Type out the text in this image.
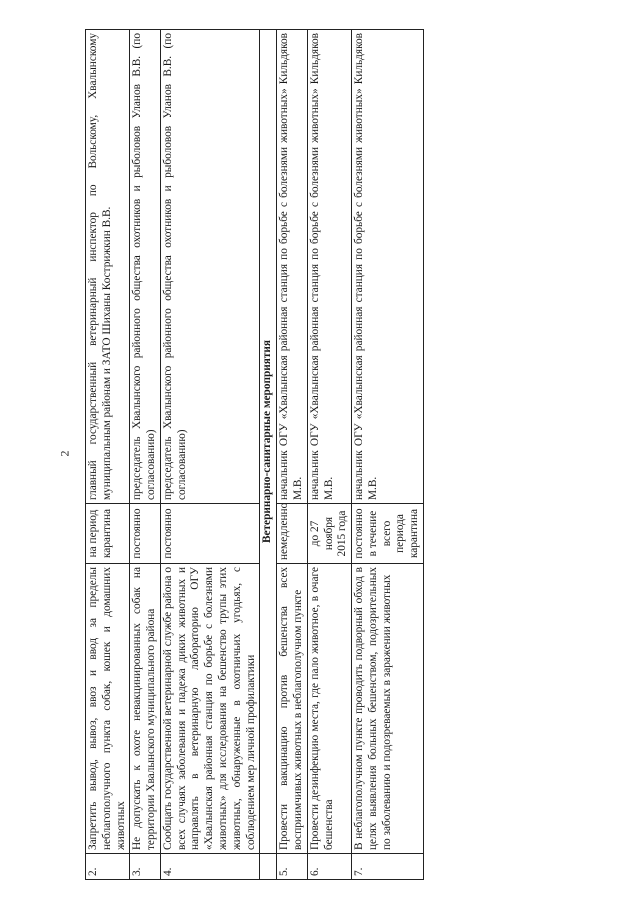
2
2.	Запретить вывод, вывоз, ввоз и ввод за пределы неблагополучного пункта собак, кошек и домашних животных	на период карантина	главный государственный ветеринарный инспектор по Вольскому, Хвалынскому муниципальным районам и ЗАТО Шиханы Кострижкин В.В.
3.	Не допускать к охоте невакцинированных собак на территории Хвалынского муниципального района	постоянно	председатель Хвалынского районного общества охотников и рыболовов Уланов В.В. (по согласованию)
4.	Сообщать государственной ветеринарной службе района о всех случаях заболевания и падежа диких животных и направлять в ветеринарную лабораторию ОГУ «Хвалынская районная станция по борьбе с болезнями животных» для исследования на бешенство трупы этих животных, обнаруженные в охотничьих угодьях, с соблюдением мер личной профилактики	постоянно	председатель Хвалынского районного общества охотников и рыболовов Уланов В.В. (по согласованию)
	Ветеринарно-санитарные мероприятия		
5.	Провести вакцинацию против бешенства всех восприимчивых животных в неблагополучном пункте	немедленно	начальник ОГУ «Хвалынская районная станция по борьбе с болезнями животных» Кильдяков М.В.
6.	Провести дезинфекцию места, где пало животное, в очаге бешенства	до 27 ноября 2015 года	начальник ОГУ «Хвалынская районная станция по борьбе с болезнями животных» Кильдяков М.В.
7.	В неблагополучном пункте проводить подворный обход в целях выявления больных бешенством, подозрительных по заболеванию и подозреваемых в заражении животных	постоянно в течение всего периода карантина	начальник ОГУ «Хвалынская районная станция по борьбе с болезнями животных» Кильдяков М.В.
